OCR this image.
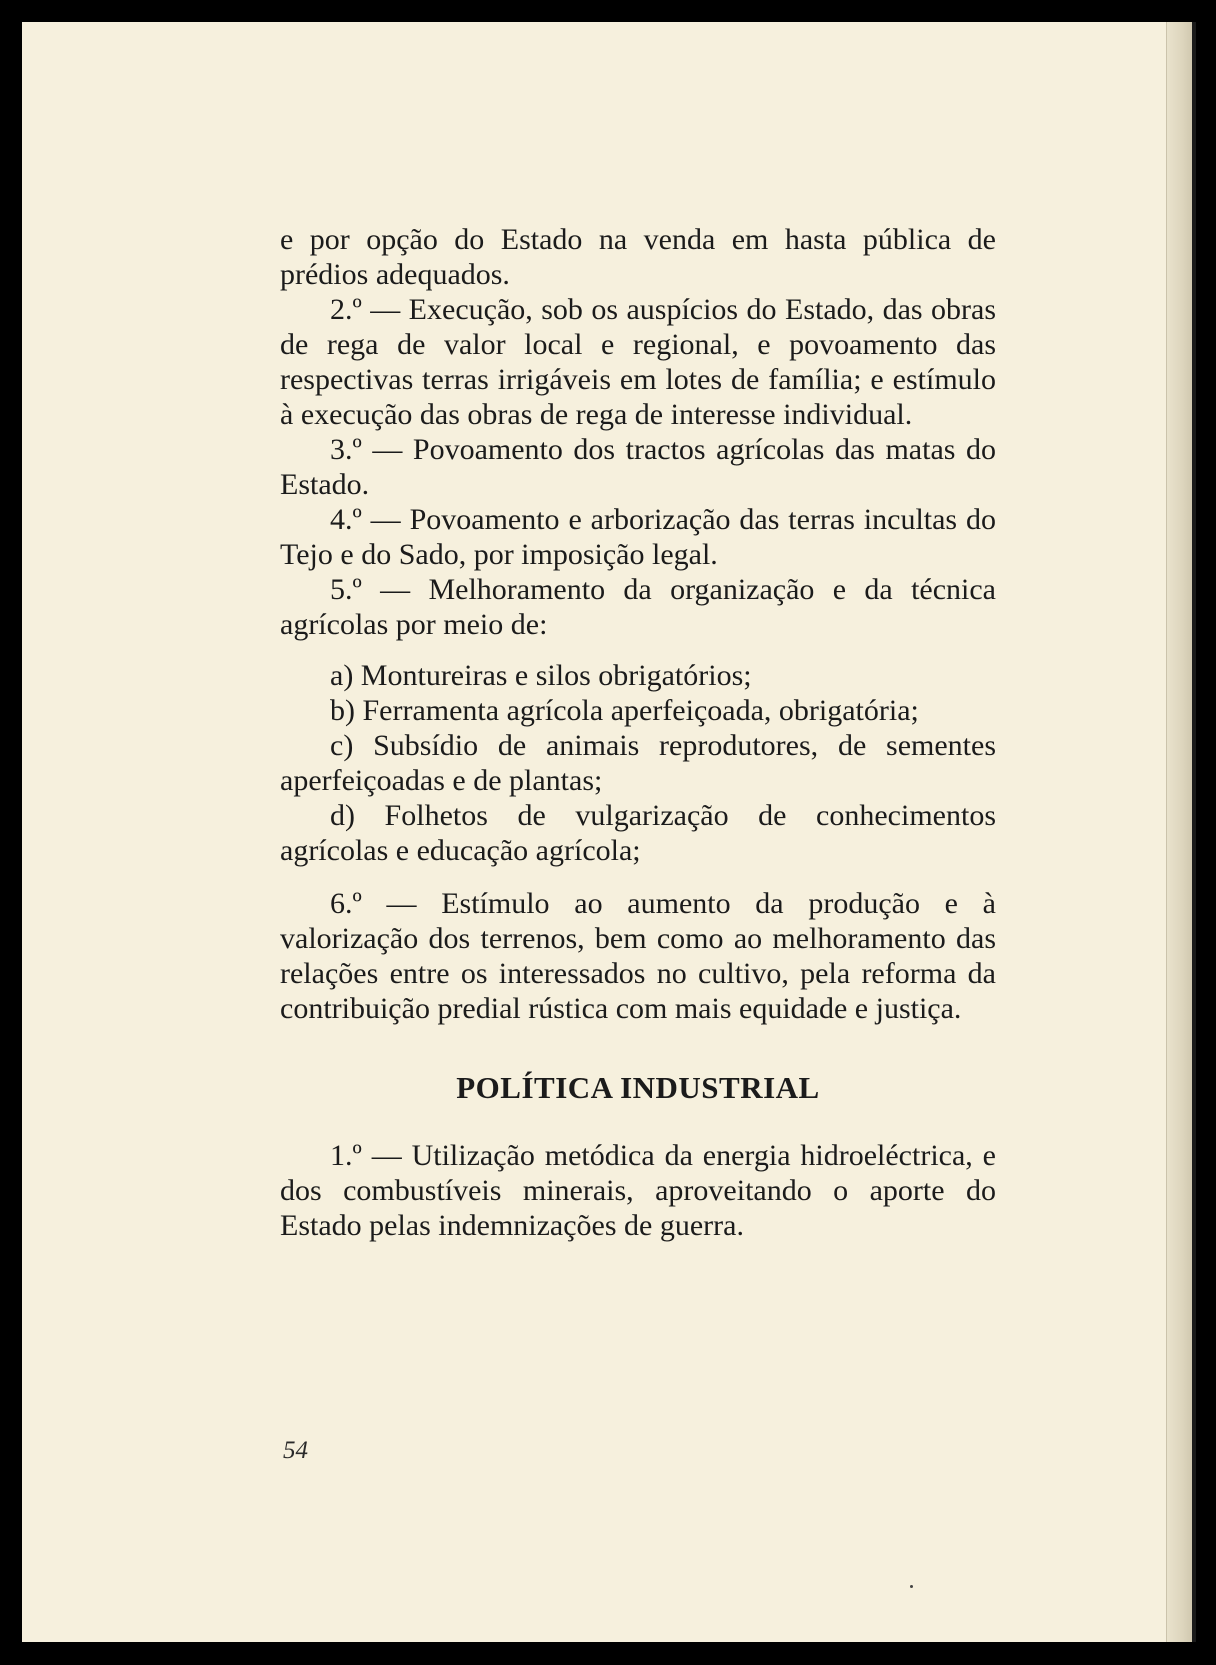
e por opção do Estado na venda em hasta pública de prédios adequados.

2.º — Execução, sob os auspícios do Estado, das obras de rega de valor local e regional, e povoamento das respectivas terras irrigáveis em lotes de família; e estímulo à execução das obras de rega de interesse individual.

3.º — Povoamento dos tractos agrícolas das matas do Estado.

4.º — Povoamento e arborização das terras incultas do Tejo e do Sado, por imposição legal.

5.º — Melhoramento da organização e da técnica agrícolas por meio de:

a) Montureiras e silos obrigatórios;

b) Ferramenta agrícola aperfeiçoada, obrigatória;

c) Subsídio de animais reprodutores, de sementes aperfeiçoadas e de plantas;

d) Folhetos de vulgarização de conhecimentos agrícolas e educação agrícola;

6.º — Estímulo ao aumento da produção e à valorização dos terrenos, bem como ao melhoramento das relações entre os interessados no cultivo, pela reforma da contribuição predial rústica com mais equidade e justiça.

POLÍTICA INDUSTRIAL

1.º — Utilização metódica da energia hidroeléctrica, e dos combustíveis minerais, aproveitando o aporte do Estado pelas indemnizações de guerra.

54
